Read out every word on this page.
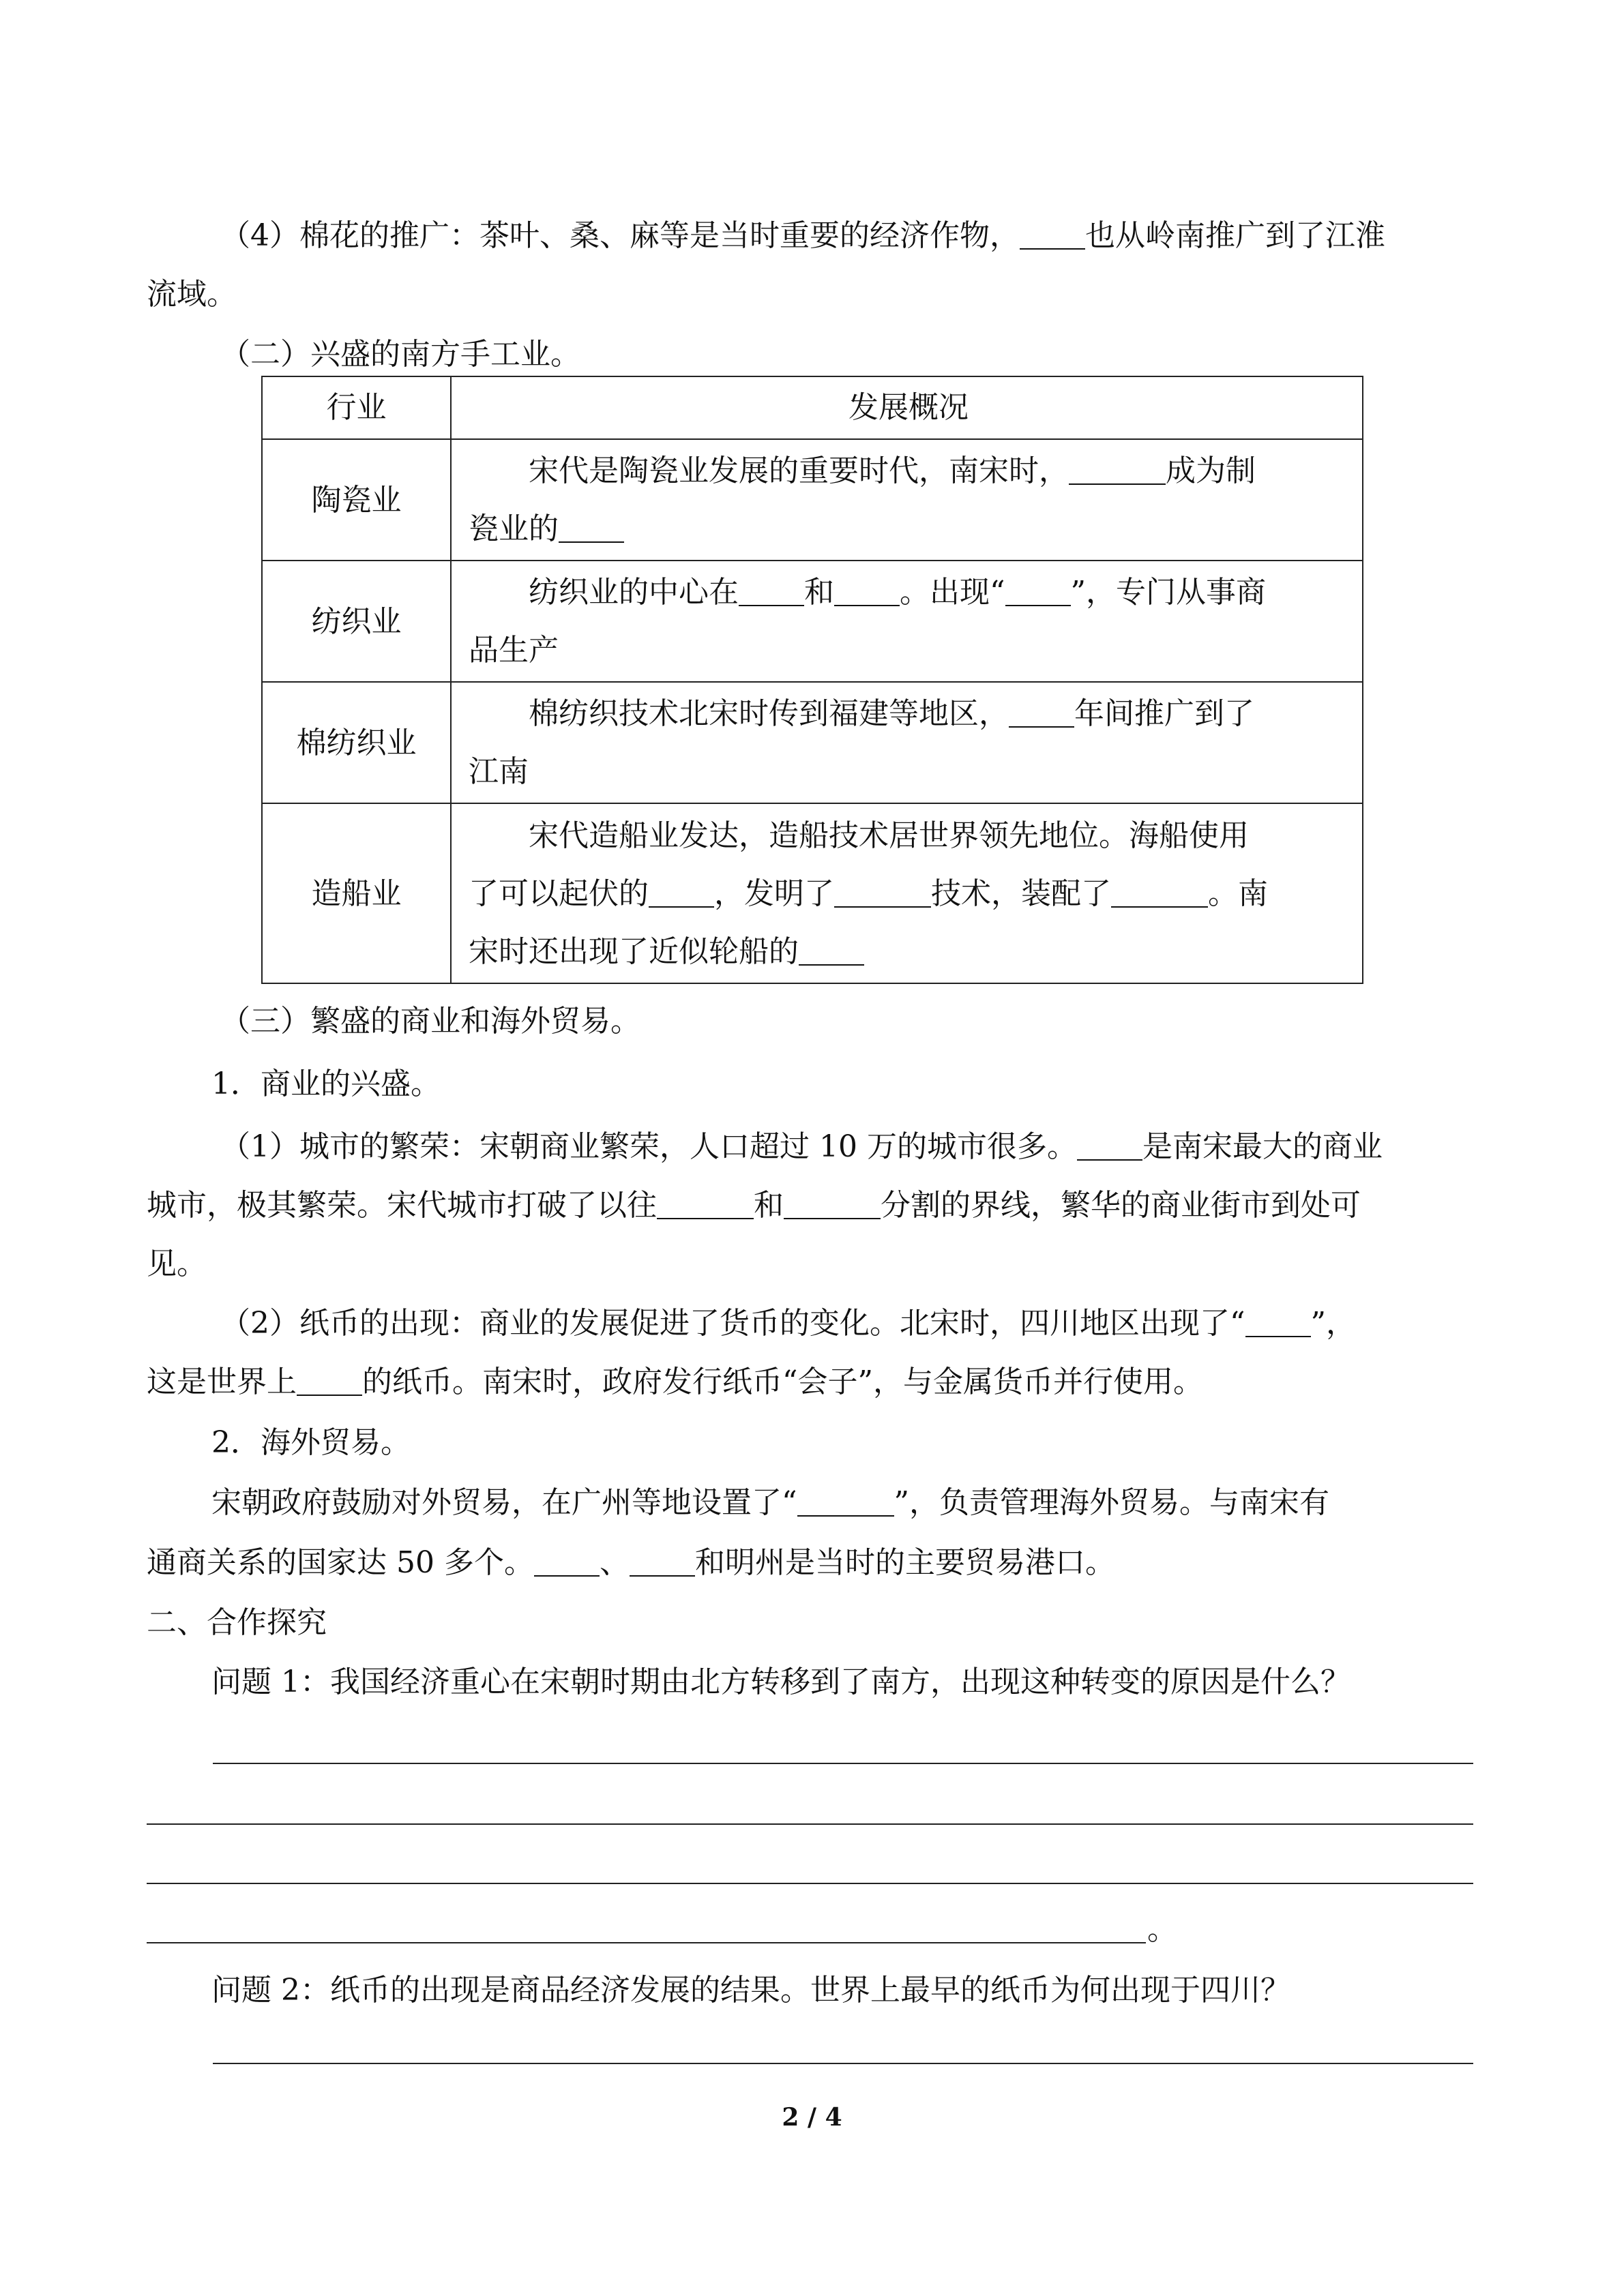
（4）棉花的推广：茶叶、桑、麻等是当时重要的经济作物， 也从岭南推广到了江淮

流域。

（二）兴盛的南方手工业。

行业	发展概况
陶瓷业	宋代是陶瓷业发展的重要时代，南宋时， 成为制
瓷业的

纺织业	纺织业的中心在 和 。出现“ ”，专门从事商
品生产

棉纺织业	棉纺织技术北宋时传到福建等地区， 年间推广到了
江南

造船业	宋代造船业发达，造船技术居世界领先地位。海船使用
了可以起伏的 ，发明了 技术，装配了 。南
宋时还出现了近似轮船的

（三）繁盛的商业和海外贸易。

1．商业的兴盛。

（1）城市的繁荣：宋朝商业繁荣，人口超过 10 万的城市很多。 是南宋最大的商业

城市，极其繁荣。宋代城市打破了以往	和	分割的界线，繁华的商业街市到处可

见。

（2）纸币的出现：商业的发展促进了货币的变化。北宋时，四川地区出现了“ ”，

这是世界上 的纸币。南宋时，政府发行纸币“会子”，与金属货币并行使用。

2．海外贸易。

宋朝政府鼓励对外贸易，在广州等地设置了“	”，负责管理海外贸易。与南宋有

通商关系的国家达 50 多个。 、 和明州是当时的主要贸易港口。

二、合作探究

问题 1：我国经济重心在宋朝时期由北方转移到了南方，出现这种转变的原因是什么？

。

问题 2：纸币的出现是商品经济发展的结果。世界上最早的纸币为何出现于四川？

2 / 4
